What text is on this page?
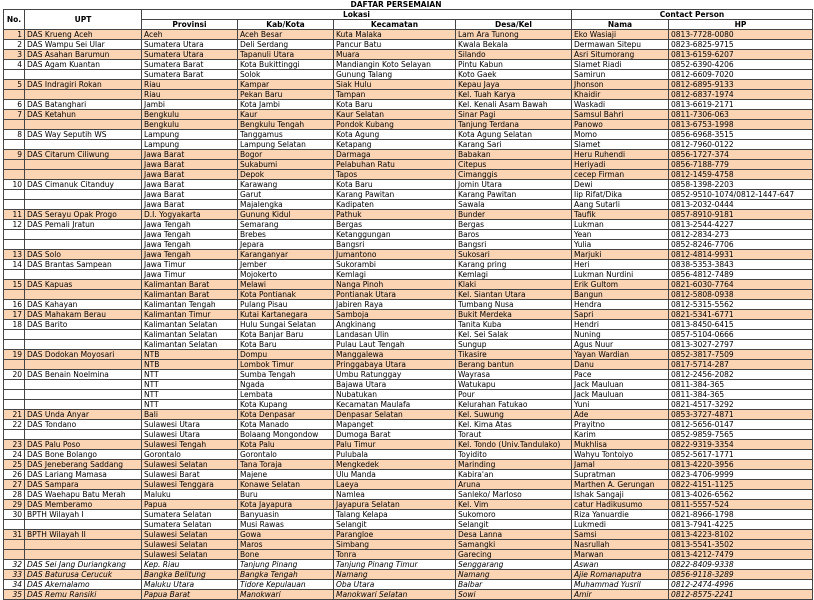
DAFTAR PERSEMAIAN
No.	UPT	Lokasi				Contact Person	
		Provinsi	Kab/Kota	Kecamatan	Desa/Kel	Nama	HP
1	DAS Krueng Aceh	Aceh	Aceh Besar	Kuta Malaka	Lam Ara Tunong	Eko Wasiaji	0813-7728-0080
2	DAS Wampu Sei Ular	Sumatera Utara	Deli Serdang	Pancur Batu	Kwala Bekala	Dermawan Sitepu	0823-6825-9715
3	DAS Asahan Barumun	Sumatera Utara	Tapanuli Utara	Muara	Silando	Asri Situmorang	0813-6159-6207
4	DAS Agam Kuantan	Sumatera Barat	Kota Bukittinggi	Mandiangin Koto Selayan	Pintu Kabun	Slamet Riadi	0852-6390-4206
		Sumatera Barat	Solok	Gunung Talang	Koto Gaek	Samirun	0812-6609-7020
5	DAS Indragiri Rokan	Riau	Kampar	Siak Hulu	Kepau Jaya	Jhonson	0812-6895-9133
		Riau	Pekan Baru	Tampan	Kel. Tuah Karya	Khaidir	0812-6837-1974
6	DAS Batanghari	Jambi	Kota Jambi	Kota Baru	Kel. Kenali Asam Bawah	Waskadi	0813-6619-2171
7	DAS Ketahun	Bengkulu	Kaur	Kaur Selatan	Sinar Pagi	Samsul Bahri	0811-7306-063
		Bengkulu	Bengkulu Tengah	Pondok Kubang	Tanjung Terdana	Panowo	0813-6753-1998
8	DAS Way Seputih WS	Lampung	Tanggamus	Kota Agung	Kota Agung Selatan	Momo	0856-6968-3515
		Lampung	Lampung Selatan	Ketapang	Karang Sari	Slamet	0812-7960-0122
9	DAS Citarum Ciliwung	Jawa Barat	Bogor	Darmaga	Babakan	Heru Ruhendi	0856-1727-374
		Jawa Barat	Sukabumi	Pelabuhan Ratu	Citepus	Heriyadi	0856-7188-779
		Jawa Barat	Depok	Tapos	Cimanggis	cecep Firman	0812-1459-4758
10	DAS Cimanuk Citanduy	Jawa Barat	Karawang	Kota Baru	Jomin Utara	Dewi	0858-1398-2203
		Jawa Barat	Garut	Karang Pawitan	Karang Pawitan	Iip Rifat/Dika	0852-9510-1074/0812-1447-647
		Jawa Barat	Majalengka	Kadipaten	Sawala	Aang Sutarli	0813-2032-0444
11	DAS Serayu Opak Progo	D.I. Yogyakarta	Gunung Kidul	Pathuk	Bunder	Taufik	0857-8910-9181
12	DAS Pemali Jratun	Jawa Tengah	Semarang	Bergas	Bergas	Lukman	0813-2544-4227
		Jawa Tengah	Brebes	Ketanggungan	Baros	Yean	0812-2834-273
		Jawa Tengah	Jepara	Bangsri	Bangsri	Yulia	0852-8246-7706
13	DAS Solo	Jawa Tengah	Karanganyar	Jumantono	Sukosari	Marjuki	0812-4814-9931
14	DAS Brantas Sampean	Jawa Timur	Jember	Sukorambi	Karang pring	Heri	0838-5353-3843
		Jawa Timur	Mojokerto	Kemlagi	Kemlagi	Lukman Nurdini	0856-4812-7489
15	DAS Kapuas	Kalimantan Barat	Melawi	Nanga Pinoh	Klaki	Erik Gultom	0821-6030-7764
		Kalimantan Barat	Kota Pontianak	Pontianak Utara	Kel. Siantan Utara	Bangun	0812-5808-0938
16	DAS Kahayan	Kalimantan Tengah	Pulang Pisau	Jabiren Raya	Tumbang Nusa	Hendra	0812-5315-5562
17	DAS Mahakam Berau	Kalimantan Timur	Kutai Kartanegara	Samboja	Bukit Merdeka	Sapri	0821-5341-6771
18	DAS Barito	Kalimantan Selatan	Hulu Sungai Selatan	Angkinang	Tanita Kuba	Hendri	0813-8450-6415
		Kalimantan Selatan	Kota Banjar Baru	Landasan Ulin	Kel. Sei Salak	Nuning	0857-5104-0666
		Kalimantan Selatan	Kota Baru	Pulau Laut Tengah	Sungup	Agus Nuur	0813-3027-2797
19	DAS Dodokan Moyosari	NTB	Dompu	Manggalewa	Tikasire	Yayan Wardian	0852-3817-7509
		NTB	Lombok Timur	Pringgabaya Utara	Berang bantun	Danu	0817-5714-287
20	DAS Benain Noelmina	NTT	Sumba Tengah	Umbu Ratunggay	Wayrasa	Pace	0812-2456-2082
		NTT	Ngada	Bajawa Utara	Watukapu	Jack Mauluan	0811-384-365
		NTT	Lembata	Nubatukan	Pour	Jack Mauluan	0811-384-365
		NTT	Kota Kupang	Kecamatan Maulafa	Kelurahan Fatukao	Yuni	0821-4517-3292
21	DAS Unda Anyar	Bali	Kota Denpasar	Denpasar Selatan	Kel. Suwung	Ade	0853-3727-4871
22	DAS Tondano	Sulawesi Utara	Kota Manado	Mapanget	Kel. Kima Atas	Prayitno	0812-5656-0147
		Sulawesi Utara	Bolaang Mongondow	Dumoga Barat	Toraut	Karim	0852-9859-7565
23	DAS Palu Poso	Sulawesi Tengah	Kota Palu	Palu Timur	Kel. Tondo (Univ.Tandulako)	Mukhlisa	0822-9319-3354
24	DAS Bone Bolango	Gorontalo	Gorontalo	Pulubala	Toyidito	Wahyu Tontoiyo	0852-5617-1771
25	DAS Jeneberang Saddang	Sulawesi Selatan	Tana Toraja	Mengkedek	Marinding	Jamal	0813-4220-3956
26	DAS Lariang Mamasa	Sulawesi Barat	Majene	Ulu Manda	Kabira'an	Supratman	0823-4706-9999
27	DAS Sampara	Sulawesi Tenggara	Konawe Selatan	Laeya	Aruna	Marthen A. Gerungan	0822-4151-1125
28	DAS Waehapu Batu Merah	Maluku	Buru	Namlea	Sanleko/ Marloso	Ishak Sangaji	0813-4026-6562
29	DAS Memberamo	Papua	Kota Jayapura	Jayapura Selatan	Kel. Vim	catur Hadikusumo	0811-5557-524
30	BPTH Wilayah I	Sumatera Selatan	Banyuasin	Talang Kelapa	Sukomoro	Riza Yanuardie	0821-8966-1798
		Sumatera Selatan	Musi Rawas	Selangit	Selangit	Lukmedi	0813-7941-4225
31	BPTH Wilayah II	Sulawesi Selatan	Gowa	Parangloe	Desa Lanna	Samsi	0813-4223-8102
		Sulawesi Selatan	Maros	Simbang	Samangki	Nasrullah	0813-5541-3502
		Sulawesi Selatan	Bone	Tonra	Garecing	Marwan	0813-4212-7479
32	DAS Sei Jang Duriangkang	Kep. Riau	Tanjung Pinang	Tanjung Pinang Timur	Senggarang	Aswan	0822-8409-9338
33	DAS Baturusa Cerucuk	Bangka Belitung	Bangka Tengah	Namang	Namang	Ajie Romanaputra	0856-9118-3289
34	DAS Akemalamo	Maluku Utara	Tidore Kepulauan	Oba Utara	Balbar	Muhammad Yusril	0812-2474-4996
35	DAS Remu Ransiki	Papua Barat	Manokwari	Manokwari Selatan	Sowi	Amir	0812-8575-2241
